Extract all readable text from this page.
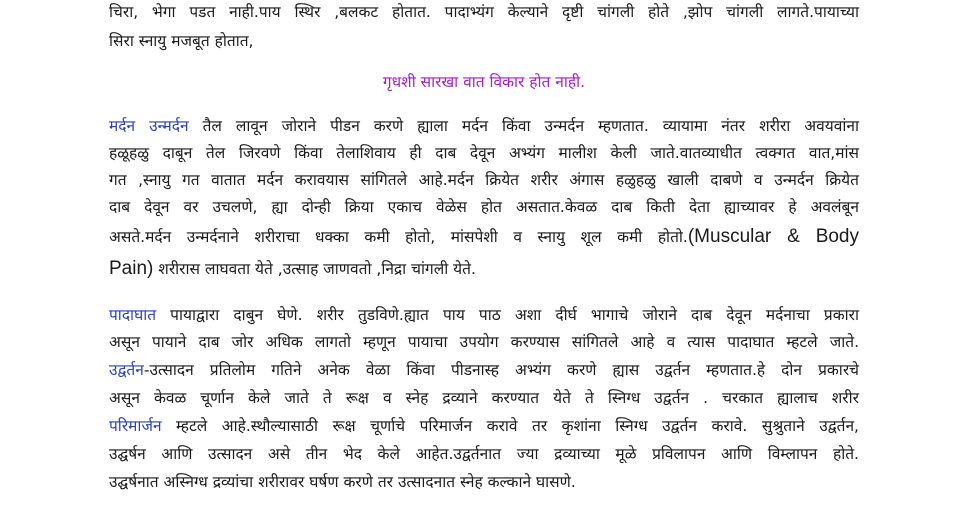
चिरा, भेगा पडत नाही.पाय स्थिर ,बलकट होतात. पादाभ्यंग केल्याने दृष्टी चांगली होते ,झोप चांगली लागते.पायाच्या
सिरा स्नायु मजबूत होतात,
गृधशी सारखा वात विकार होत नाही.
मर्दन उन्मर्दन तैल लावून जोराने पीडन करणे ह्याला मर्दन किंवा उन्मर्दन म्हणतात. व्यायामा नंतर शरीरा अवयवांना
हळूहळु दाबून तेल जिरवणे किंवा तेलाशिवाय ही दाब देवून अभ्यंग मालीश केली जाते.वातव्याधीत त्वक्गत वात,मांस
गत ,स्नायु गत वातात मर्दन करावयास सांगितले आहे.मर्दन क्रियेत शरीर अंगास हळुहळु खाली दाबणे व उन्मर्दन क्रियेत
दाब देवून वर उचलणे, ह्या दोन्ही क्रिया एकाच वेळेस होत असतात.केवळ दाब किती देता ह्याच्यावर हे अवलंबून
असते.मर्दन उन्मर्दनाने शरीराचा धक्का कमी होतो, मांसपेशी व स्नायु शूल कमी होतो.(Muscular & Body
Pain) शरीरास लाघवता येते ,उत्साह जाणवतो ,निद्रा चांगली येते.
पादाघात पायाद्वारा दाबुन घेणे. शरीर तुडविणे.ह्यात पाय पाठ अशा दीर्घ भागाचे जोराने दाब देवून मर्दनाचा प्रकारा
असून पायाने दाब जोर अधिक लागतो म्हणून पायाचा उपयोग करण्यास सांगितले आहे व त्यास पादाघात म्हटले जाते.
उद्वर्तन-उत्सादन प्रतिलोम गतिने अनेक वेळा किंवा पीडनास्ह अभ्यंग करणे ह्यास उद्वर्तन म्हणतात.हे दोन प्रकारचे
असून केवळ चूर्णान केले जाते ते रूक्ष व स्नेह द्रव्याने करण्यात येते ते स्निग्ध उद्वर्तन . चरकात ह्यालाच शरीर
परिमार्जन म्हटले आहे.स्थौल्यासाठी रूक्ष चूर्णाचे परिमार्जन करावे तर कृशांना स्निग्ध उद्वर्तन करावे. सुश्रुताने उद्वर्तन,
उद्घर्षन आणि उत्सादन असे तीन भेद केले आहेत.उद्वर्तनात ज्या द्रव्याच्या मूळे प्रविलापन आणि विम्लापन होते.
उद्घर्षनात अस्निग्ध द्रव्यांचा शरीरावर घर्षण करणे तर उत्सादनात स्नेह कल्काने घासणे.
